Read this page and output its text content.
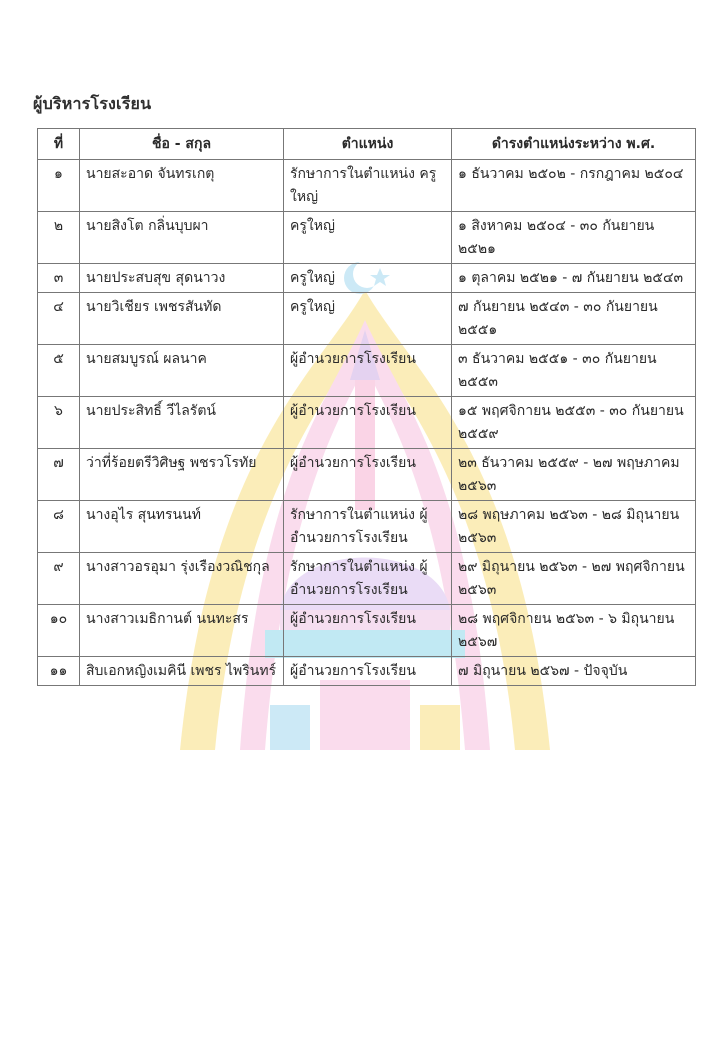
ผู้บริหารโรงเรียน
ที่	ชื่อ - สกุล	ตำแหน่ง	ดำรงตำแหน่งระหว่าง พ.ศ.
๑	นายสะอาด จันทรเกตุ	รักษาการในตำแหน่ง ครูใหญ่	๑ ธันวาคม ๒๕๐๒ - กรกฎาคม ๒๕๐๔
๒	นายสิงโต กลิ่นบุบผา	ครูใหญ่	๑ สิงหาคม ๒๕๐๔ - ๓๐ กันยายน ๒๕๒๑
๓	นายประสบสุข สุดนาวง	ครูใหญ่	๑ ตุลาคม ๒๕๒๑ - ๗ กันยายน ๒๕๔๓
๔	นายวิเชียร เพชรสันทัด	ครูใหญ่	๗ กันยายน ๒๕๔๓ - ๓๐ กันยายน ๒๕๕๑
๕	นายสมบูรณ์ ผลนาค	ผู้อำนวยการโรงเรียน	๓ ธันวาคม ๒๕๕๑ - ๓๐ กันยายน ๒๕๕๓
๖	นายประสิทธิ์ วีไลรัตน์	ผู้อำนวยการโรงเรียน	๑๕ พฤศจิกายน ๒๕๕๓ - ๓๐ กันยายน ๒๕๕๙
๗	ว่าที่ร้อยตรีวิศิษฐ พชรวโรทัย	ผู้อำนวยการโรงเรียน	๒๓ ธันวาคม ๒๕๕๙ - ๒๗ พฤษภาคม ๒๕๖๓
๘	นางอุไร สุนทรนนท์	รักษาการในตำแหน่ง ผู้อำนวยการโรงเรียน	๒๘ พฤษภาคม ๒๕๖๓ - ๒๘ มิถุนายน ๒๕๖๓
๙	นางสาวอรอุมา รุ่งเรืองวณิชกุล	รักษาการในตำแหน่ง ผู้อำนวยการโรงเรียน	๒๙ มิถุนายน ๒๕๖๓ - ๒๗ พฤศจิกายน ๒๕๖๓
๑๐	นางสาวเมธิกานต์ นนทะสร	ผู้อำนวยการโรงเรียน	๒๘ พฤศจิกายน ๒๕๖๓ - ๖ มิถุนายน ๒๕๖๗
๑๑	สิบเอกหญิงเมคินี เพชร ไพรินทร์	ผู้อำนวยการโรงเรียน	๗ มิถุนายน ๒๕๖๗ - ปัจจุบัน
